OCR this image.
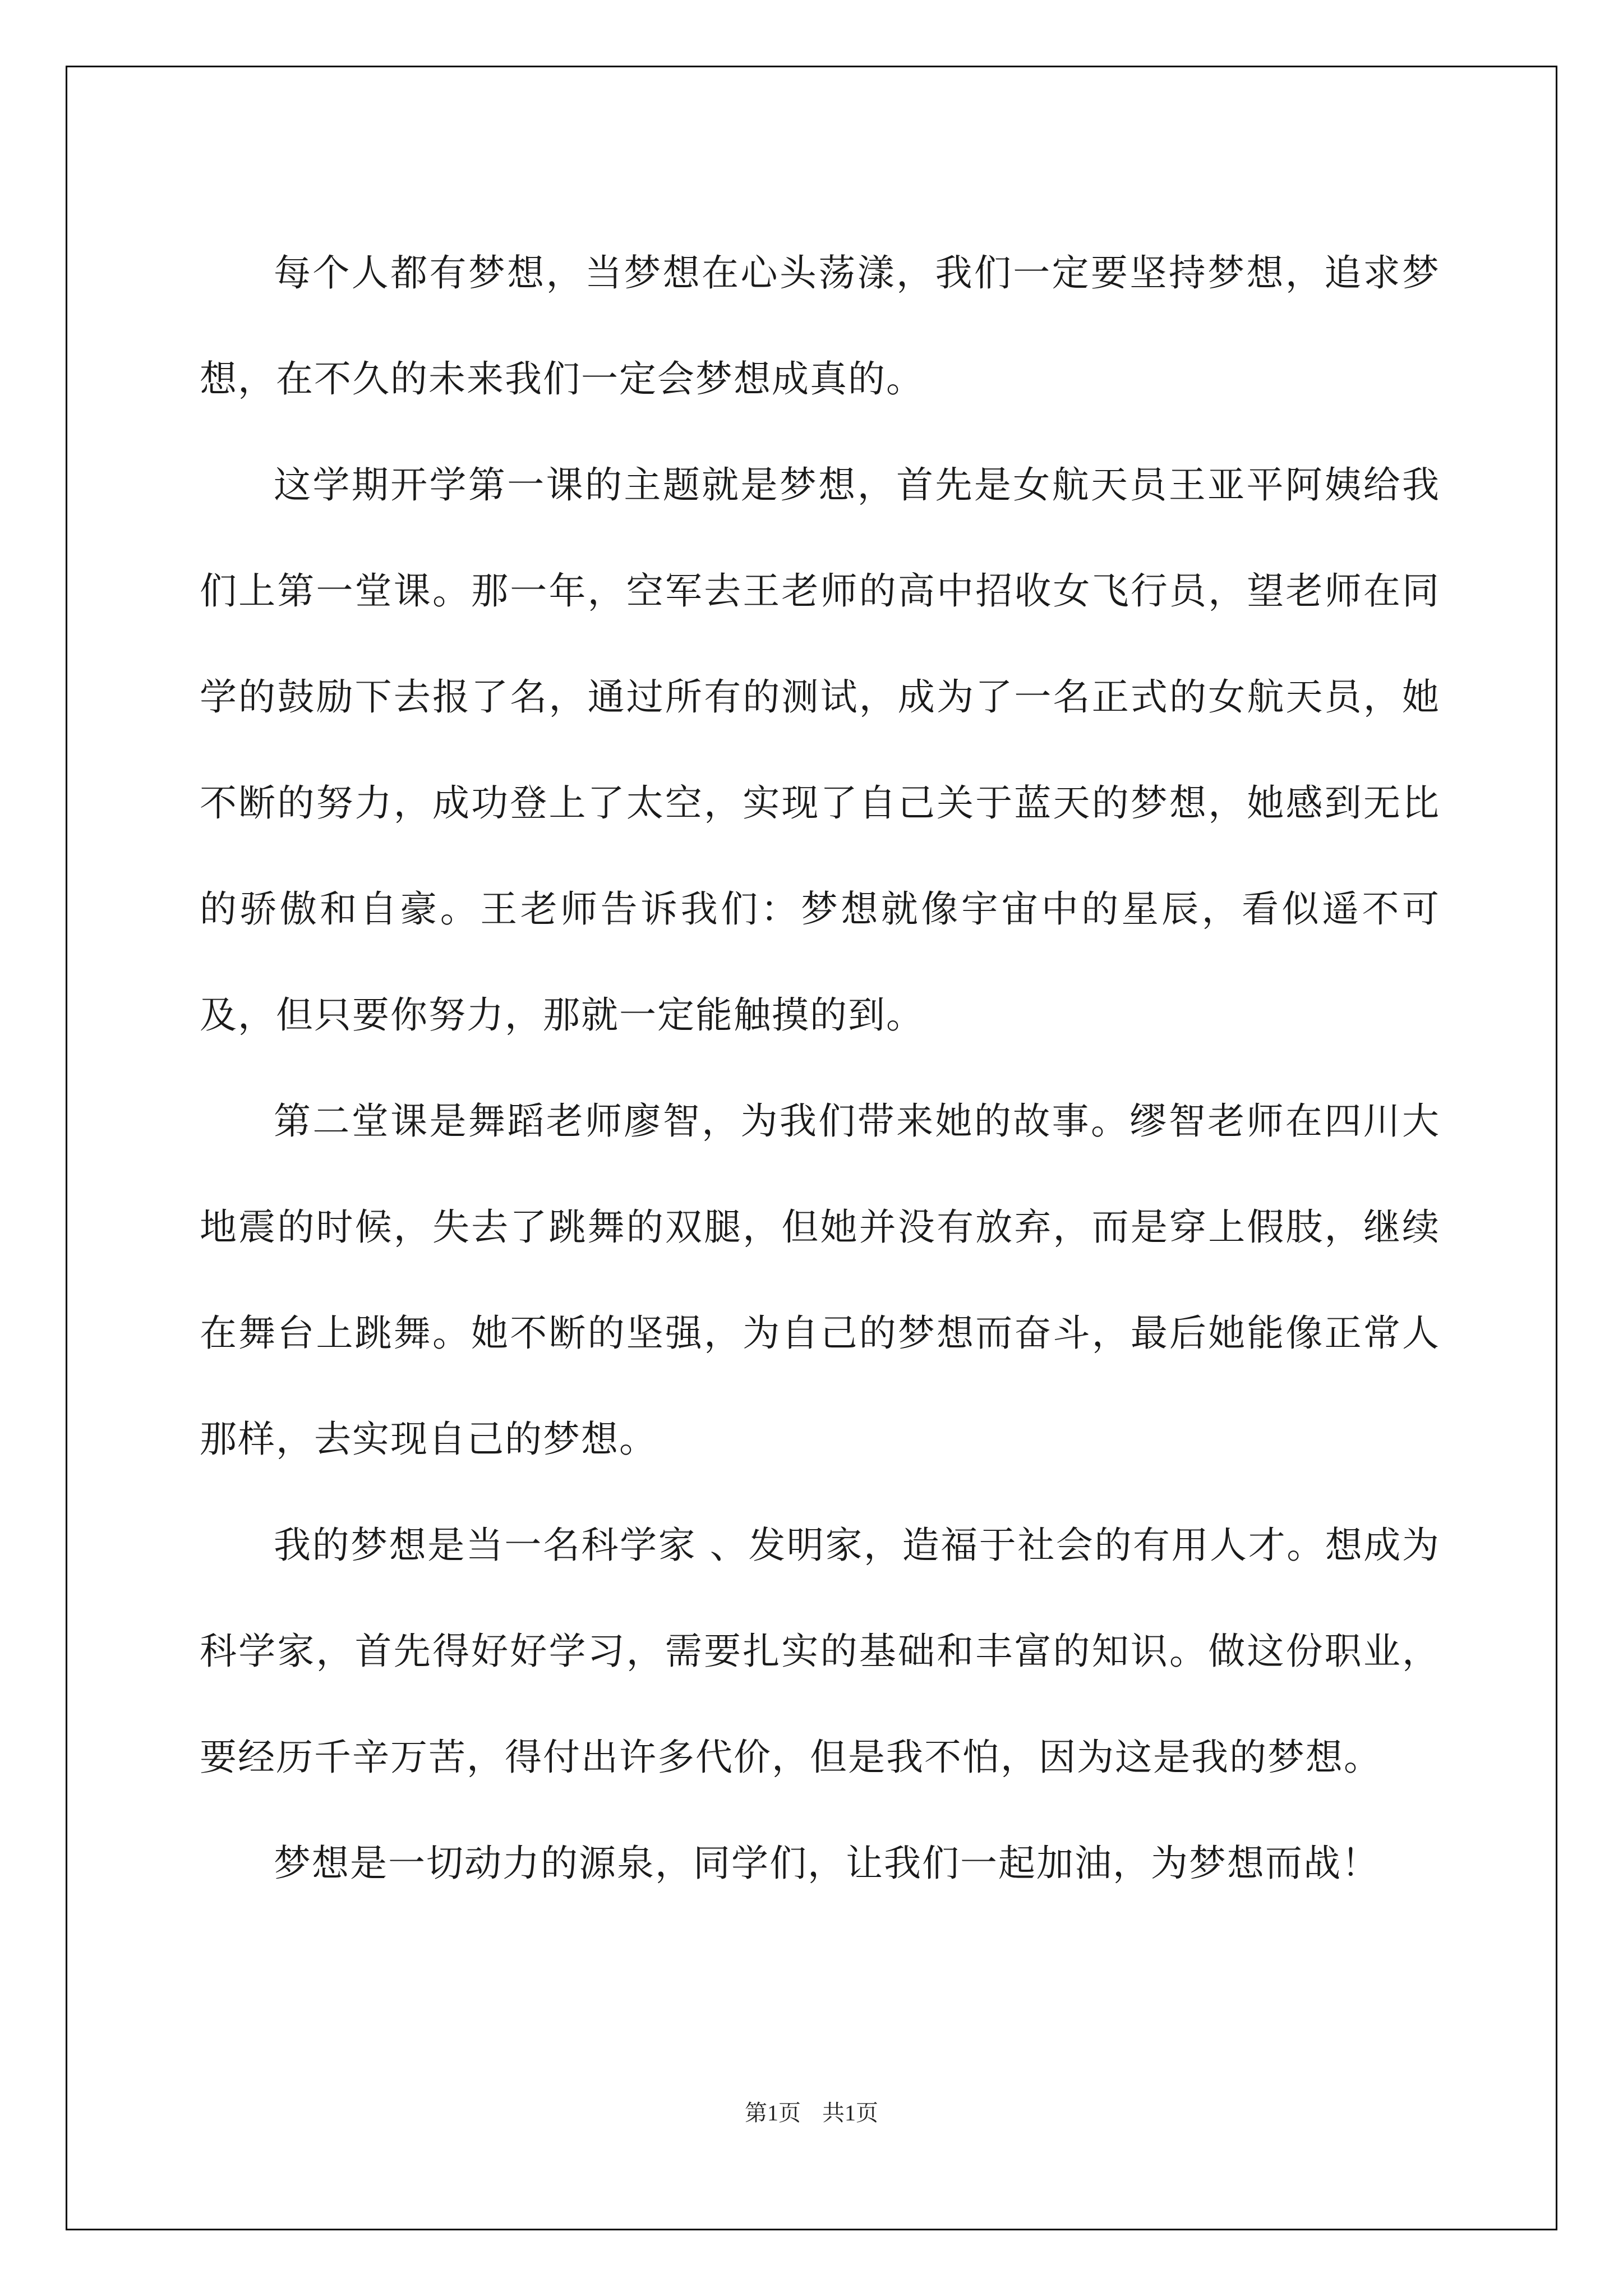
每个人都有梦想，当梦想在心头荡漾，我们一定要坚持梦想，追求梦想，在不久的未来我们一定会梦想成真的。

这学期开学第一课的主题就是梦想，首先是女航天员王亚平阿姨给我们上第一堂课。那一年，空军去王老师的高中招收女飞行员，望老师在同学的鼓励下去报了名，通过所有的测试，成为了一名正式的女航天员，她不断的努力，成功登上了太空，实现了自己关于蓝天的梦想，她感到无比的骄傲和自豪。王老师告诉我们：梦想就像宇宙中的星辰，看似遥不可及，但只要你努力，那就一定能触摸的到。

第二堂课是舞蹈老师廖智，为我们带来她的故事。缪智老师在四川大地震的时候，失去了跳舞的双腿，但她并没有放弃，而是穿上假肢，继续在舞台上跳舞。她不断的坚强，为自己的梦想而奋斗，最后她能像正常人那样，去实现自己的梦想。

我的梦想是当一名科学家 、发明家，造福于社会的有用人才。想成为科学家，首先得好好学习，需要扎实的基础和丰富的知识。做这份职业，要经历千辛万苦，得付出许多代价，但是我不怕，因为这是我的梦想。

梦想是一切动力的源泉，同学们，让我们一起加油，为梦想而战！

第1页 共1页
